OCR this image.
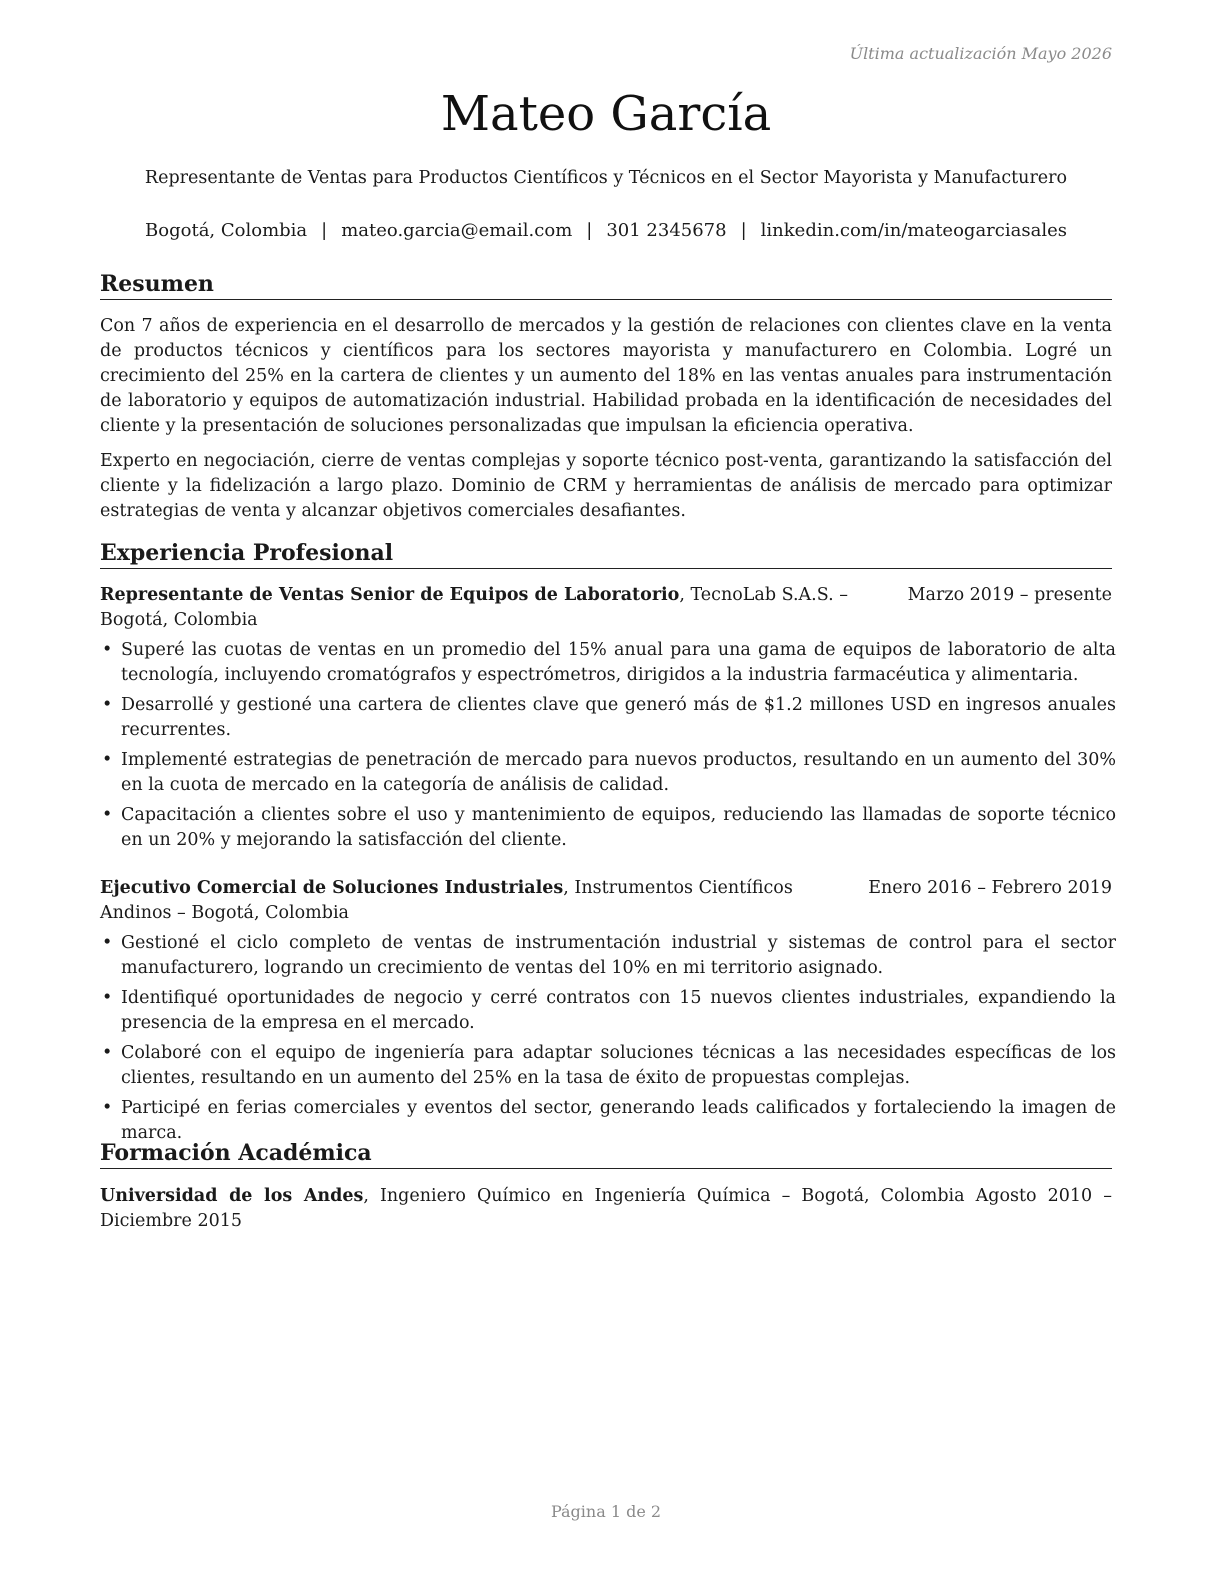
Última actualización Mayo 2026
Mateo García
Representante de Ventas para Productos Científicos y Técnicos en el Sector Mayorista y Manufacturero
Bogotá, Colombia | mateo.garcia@email.com | 301 2345678 | linkedin.com/in/mateogarciasales
Resumen
Con 7 años de experiencia en el desarrollo de mercados y la gestión de relaciones con clientes clave en la venta de productos técnicos y científicos para los sectores mayorista y manufacturero en Colombia. Logré un crecimiento del 25% en la cartera de clientes y un aumento del 18% en las ventas anuales para instrumentación de laboratorio y equipos de automatización industrial. Habilidad probada en la identificación de necesidades del cliente y la presentación de soluciones personalizadas que impulsan la eficiencia operativa.
Experto en negociación, cierre de ventas complejas y soporte técnico post-venta, garantizando la satisfacción del cliente y la fidelización a largo plazo. Dominio de CRM y herramientas de análisis de mercado para optimizar estrategias de venta y alcanzar objetivos comerciales desafiantes.
Experiencia Profesional
Marzo 2019 – presente
Representante de Ventas Senior de Equipos de Laboratorio, TecnoLab S.A.S. – Bogotá, Colombia
• Superé las cuotas de ventas en un promedio del 15% anual para una gama de equipos de laboratorio de alta tecnología, incluyendo cromatógrafos y espectrómetros, dirigidos a la industria farmacéutica y alimentaria.
• Desarrollé y gestioné una cartera de clientes clave que generó más de $1.2 millones USD en ingresos anuales recurrentes.
• Implementé estrategias de penetración de mercado para nuevos productos, resultando en un aumento del 30% en la cuota de mercado en la categoría de análisis de calidad.
• Capacitación a clientes sobre el uso y mantenimiento de equipos, reduciendo las llamadas de soporte técnico en un 20% y mejorando la satisfacción del cliente.
Enero 2016 – Febrero 2019
Ejecutivo Comercial de Soluciones Industriales, Instrumentos Científicos Andinos – Bogotá, Colombia
• Gestioné el ciclo completo de ventas de instrumentación industrial y sistemas de control para el sector manufacturero, logrando un crecimiento de ventas del 10% en mi territorio asignado.
• Identifiqué oportunidades de negocio y cerré contratos con 15 nuevos clientes industriales, expandiendo la presencia de la empresa en el mercado.
• Colaboré con el equipo de ingeniería para adaptar soluciones técnicas a las necesidades específicas de los clientes, resultando en un aumento del 25% en la tasa de éxito de propuestas complejas.
• Participé en ferias comerciales y eventos del sector, generando leads calificados y fortaleciendo la imagen de marca.
Formación Académica
Universidad de los Andes, Ingeniero Químico en Ingeniería Química – Bogotá, Colombia Agosto 2010 – Diciembre 2015
Página 1 de 2
